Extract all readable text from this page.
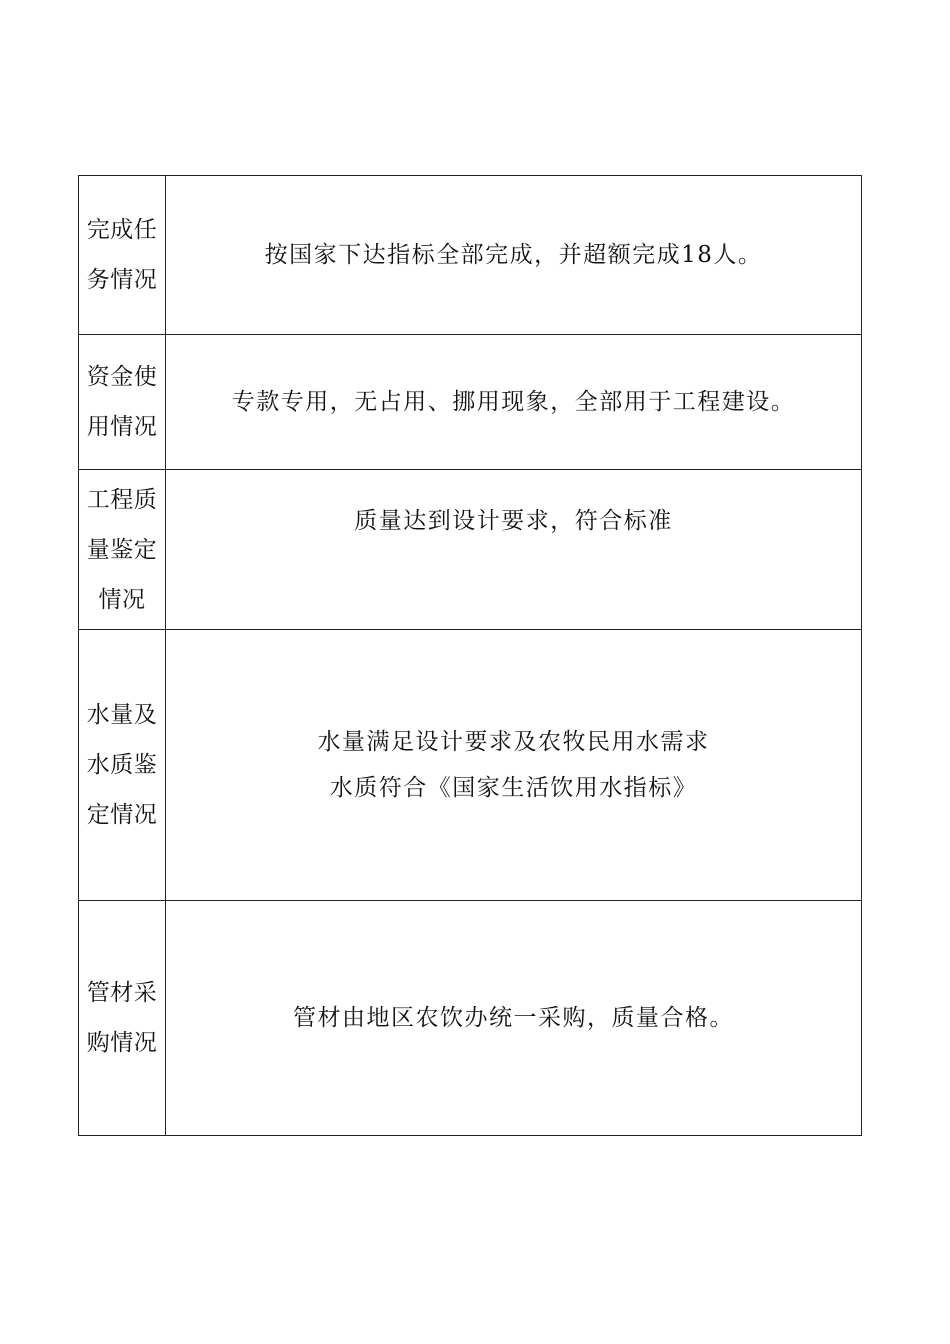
完成任务情况	按国家下达指标全部完成，并超额完成18人。

资金使用情况	专款专用，无占用、挪用现象，全部用于工程建设。

工程质量鉴定情况	质量达到设计要求，符合标准

水量及水质鉴定情况	水量满足设计要求及农牧民用水需求
水质符合《国家生活饮用水指标》

管材采购情况	管材由地区农饮办统一采购，质量合格。
